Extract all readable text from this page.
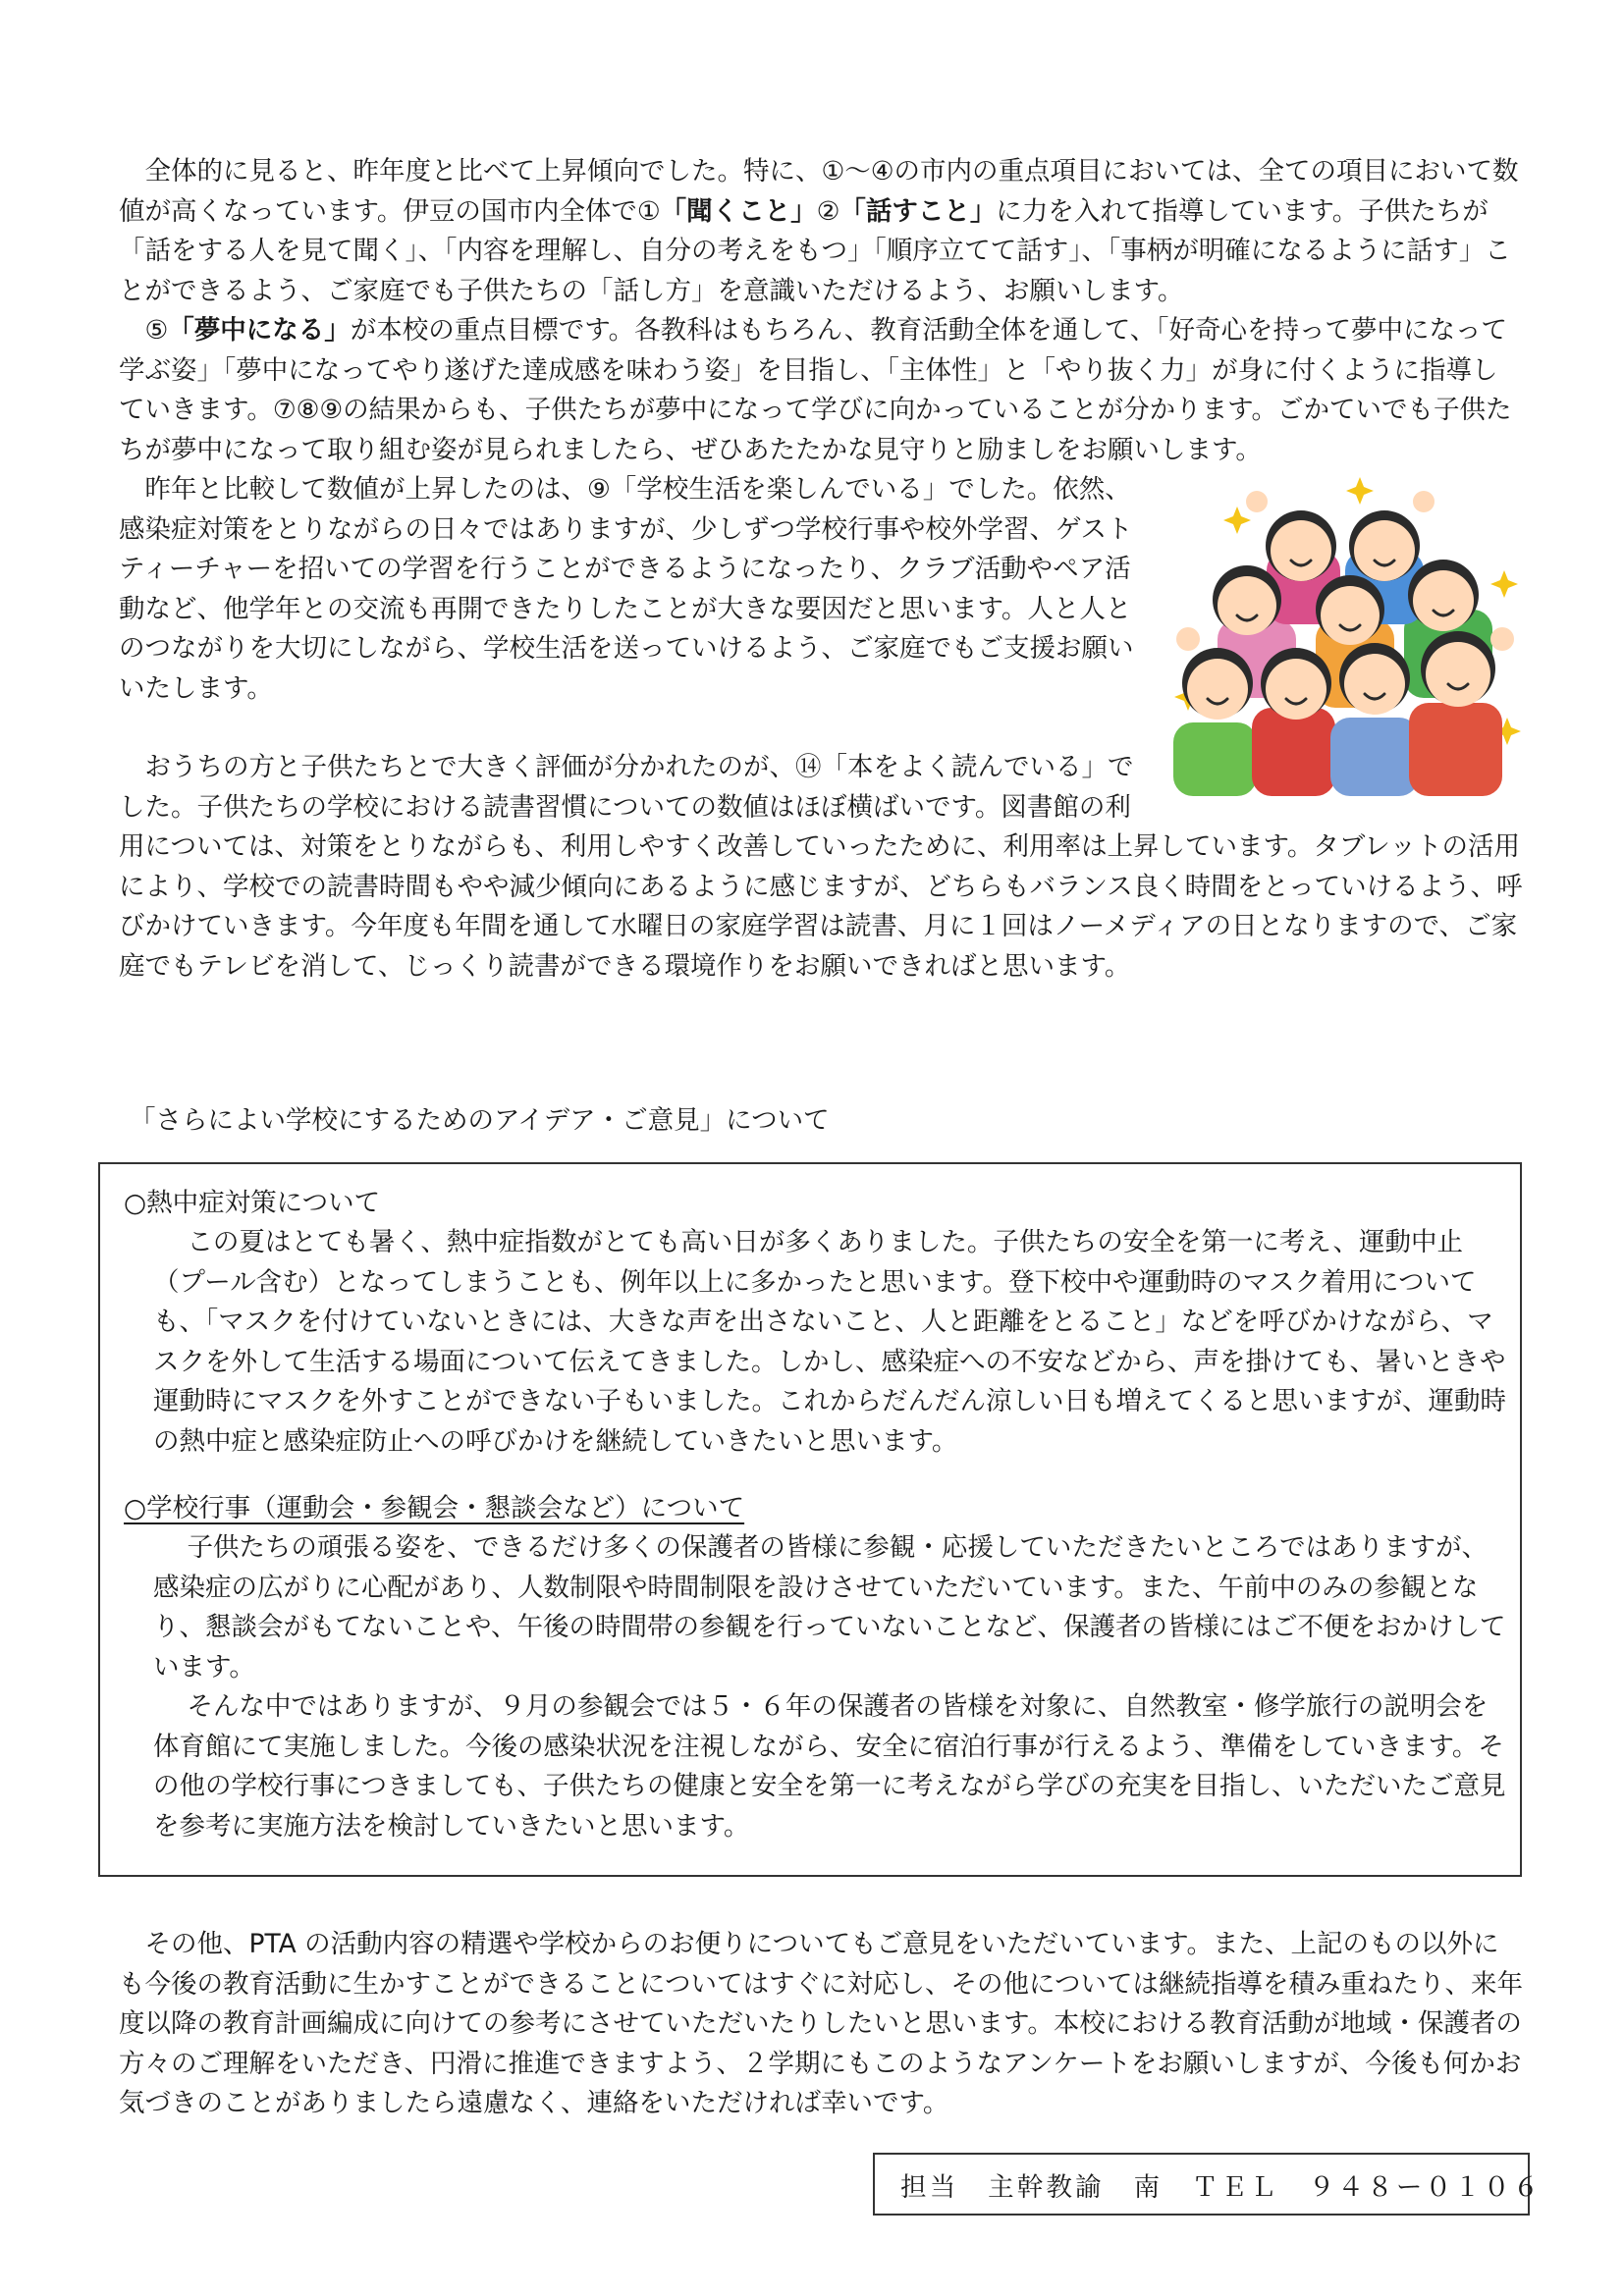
全体的に見ると、昨年度と比べて上昇傾向でした。特に、①～④の市内の重点項目においては、全ての項目において数値が高くなっています。伊豆の国市内全体で①「聞くこと」②「話すこと」に力を入れて指導しています。子供たちが「話をする人を見て聞く」、「内容を理解し、自分の考えをもつ」「順序立てて話す」、「事柄が明確になるように話す」ことができるよう、ご家庭でも子供たちの「話し方」を意識いただけるよう、お願いします。

⑤「夢中になる」が本校の重点目標です。各教科はもちろん、教育活動全体を通して、「好奇心を持って夢中になって学ぶ姿」「夢中になってやり遂げた達成感を味わう姿」を目指し、「主体性」と「やり抜く力」が身に付くように指導していきます。⑦⑧⑨の結果からも、子供たちが夢中になって学びに向かっていることが分かります。ごかていでも子供たちが夢中になって取り組む姿が見られましたら、ぜひあたたかな見守りと励ましをお願いします。

昨年と比較して数値が上昇したのは、⑨「学校生活を楽しんでいる」でした。依然、感染症対策をとりながらの日々ではありますが、少しずつ学校行事や校外学習、ゲストティーチャーを招いての学習を行うことができるようになったり、クラブ活動やペア活動など、他学年との交流も再開できたりしたことが大きな要因だと思います。人と人とのつながりを大切にしながら、学校生活を送っていけるよう、ご家庭でもご支援お願いいたします。

おうちの方と子供たちとで大きく評価が分かれたのが、⑭「本をよく読んでいる」でした。子供たちの学校における読書習慣についての数値はほぼ横ばいです。図書館の利用については、対策をとりながらも、利用しやすく改善していったために、利用率は上昇しています。タブレットの活用により、学校での読書時間もやや減少傾向にあるように感じますが、どちらもバランス良く時間をとっていけるよう、呼びかけていきます。今年度も年間を通して水曜日の家庭学習は読書、月に１回はノーメディアの日となりますので、ご家庭でもテレビを消して、じっくり読書ができる環境作りをお願いできればと思います。

「さらによい学校にするためのアイデア・ご意見」について
○熱中症対策について

この夏はとても暑く、熱中症指数がとても高い日が多くありました。子供たちの安全を第一に考え、運動中止（プール含む）となってしまうことも、例年以上に多かったと思います。登下校中や運動時のマスク着用についても、「マスクを付けていないときには、大きな声を出さないこと、人と距離をとること」などを呼びかけながら、マスクを外して生活する場面について伝えてきました。しかし、感染症への不安などから、声を掛けても、暑いときや運動時にマスクを外すことができない子もいました。これからだんだん涼しい日も増えてくると思いますが、運動時の熱中症と感染症防止への呼びかけを継続していきたいと思います。

○学校行事（運動会・参観会・懇談会など）について

子供たちの頑張る姿を、できるだけ多くの保護者の皆様に参観・応援していただきたいところではありますが、感染症の広がりに心配があり、人数制限や時間制限を設けさせていただいています。また、午前中のみの参観となり、懇談会がもてないことや、午後の時間帯の参観を行っていないことなど、保護者の皆様にはご不便をおかけしています。

そんな中ではありますが、９月の参観会では５・６年の保護者の皆様を対象に、自然教室・修学旅行の説明会を体育館にて実施しました。今後の感染状況を注視しながら、安全に宿泊行事が行えるよう、準備をしていきます。その他の学校行事につきましても、子供たちの健康と安全を第一に考えながら学びの充実を目指し、いただいたご意見を参考に実施方法を検討していきたいと思います。

その他、PTA の活動内容の精選や学校からのお便りについてもご意見をいただいています。また、上記のもの以外にも今後の教育活動に生かすことができることについてはすぐに対応し、その他については継続指導を積み重ねたり、来年度以降の教育計画編成に向けての参考にさせていただいたりしたいと思います。本校における教育活動が地域・保護者の方々のご理解をいただき、円滑に推進できますよう、２学期にもこのようなアンケートをお願いしますが、今後も何かお気づきのことがありましたら遠慮なく、連絡をいただければ幸いです。

担当　主幹教諭　南　ＴＥＬ　９４８ー０１０６
